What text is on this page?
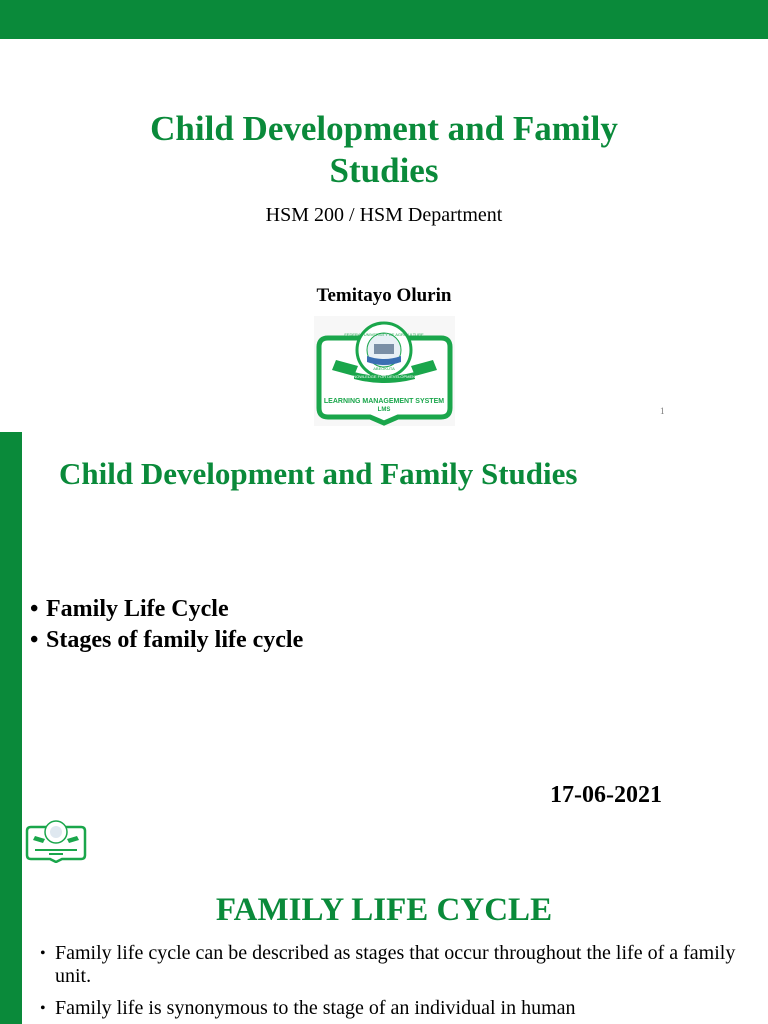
Child Development and Family
Studies
HSM 200 / HSM Department
Temitayo Olurin
KNOWLEDGE FOR DEVELOPMENT
FEDERAL UNIVERSITY OF AGRICULTURE
ABEOKUTA
LEARNING MANAGEMENT SYSTEM
LMS	1
Child Development and Family Studies
• Family Life Cycle
• Stages of family life cycle
17-06-2021
FAMILY LIFE CYCLE
• Family life cycle can be described as stages that occur throughout the life of a family unit.
• Family life is synonymous to the stage of an individual in human
